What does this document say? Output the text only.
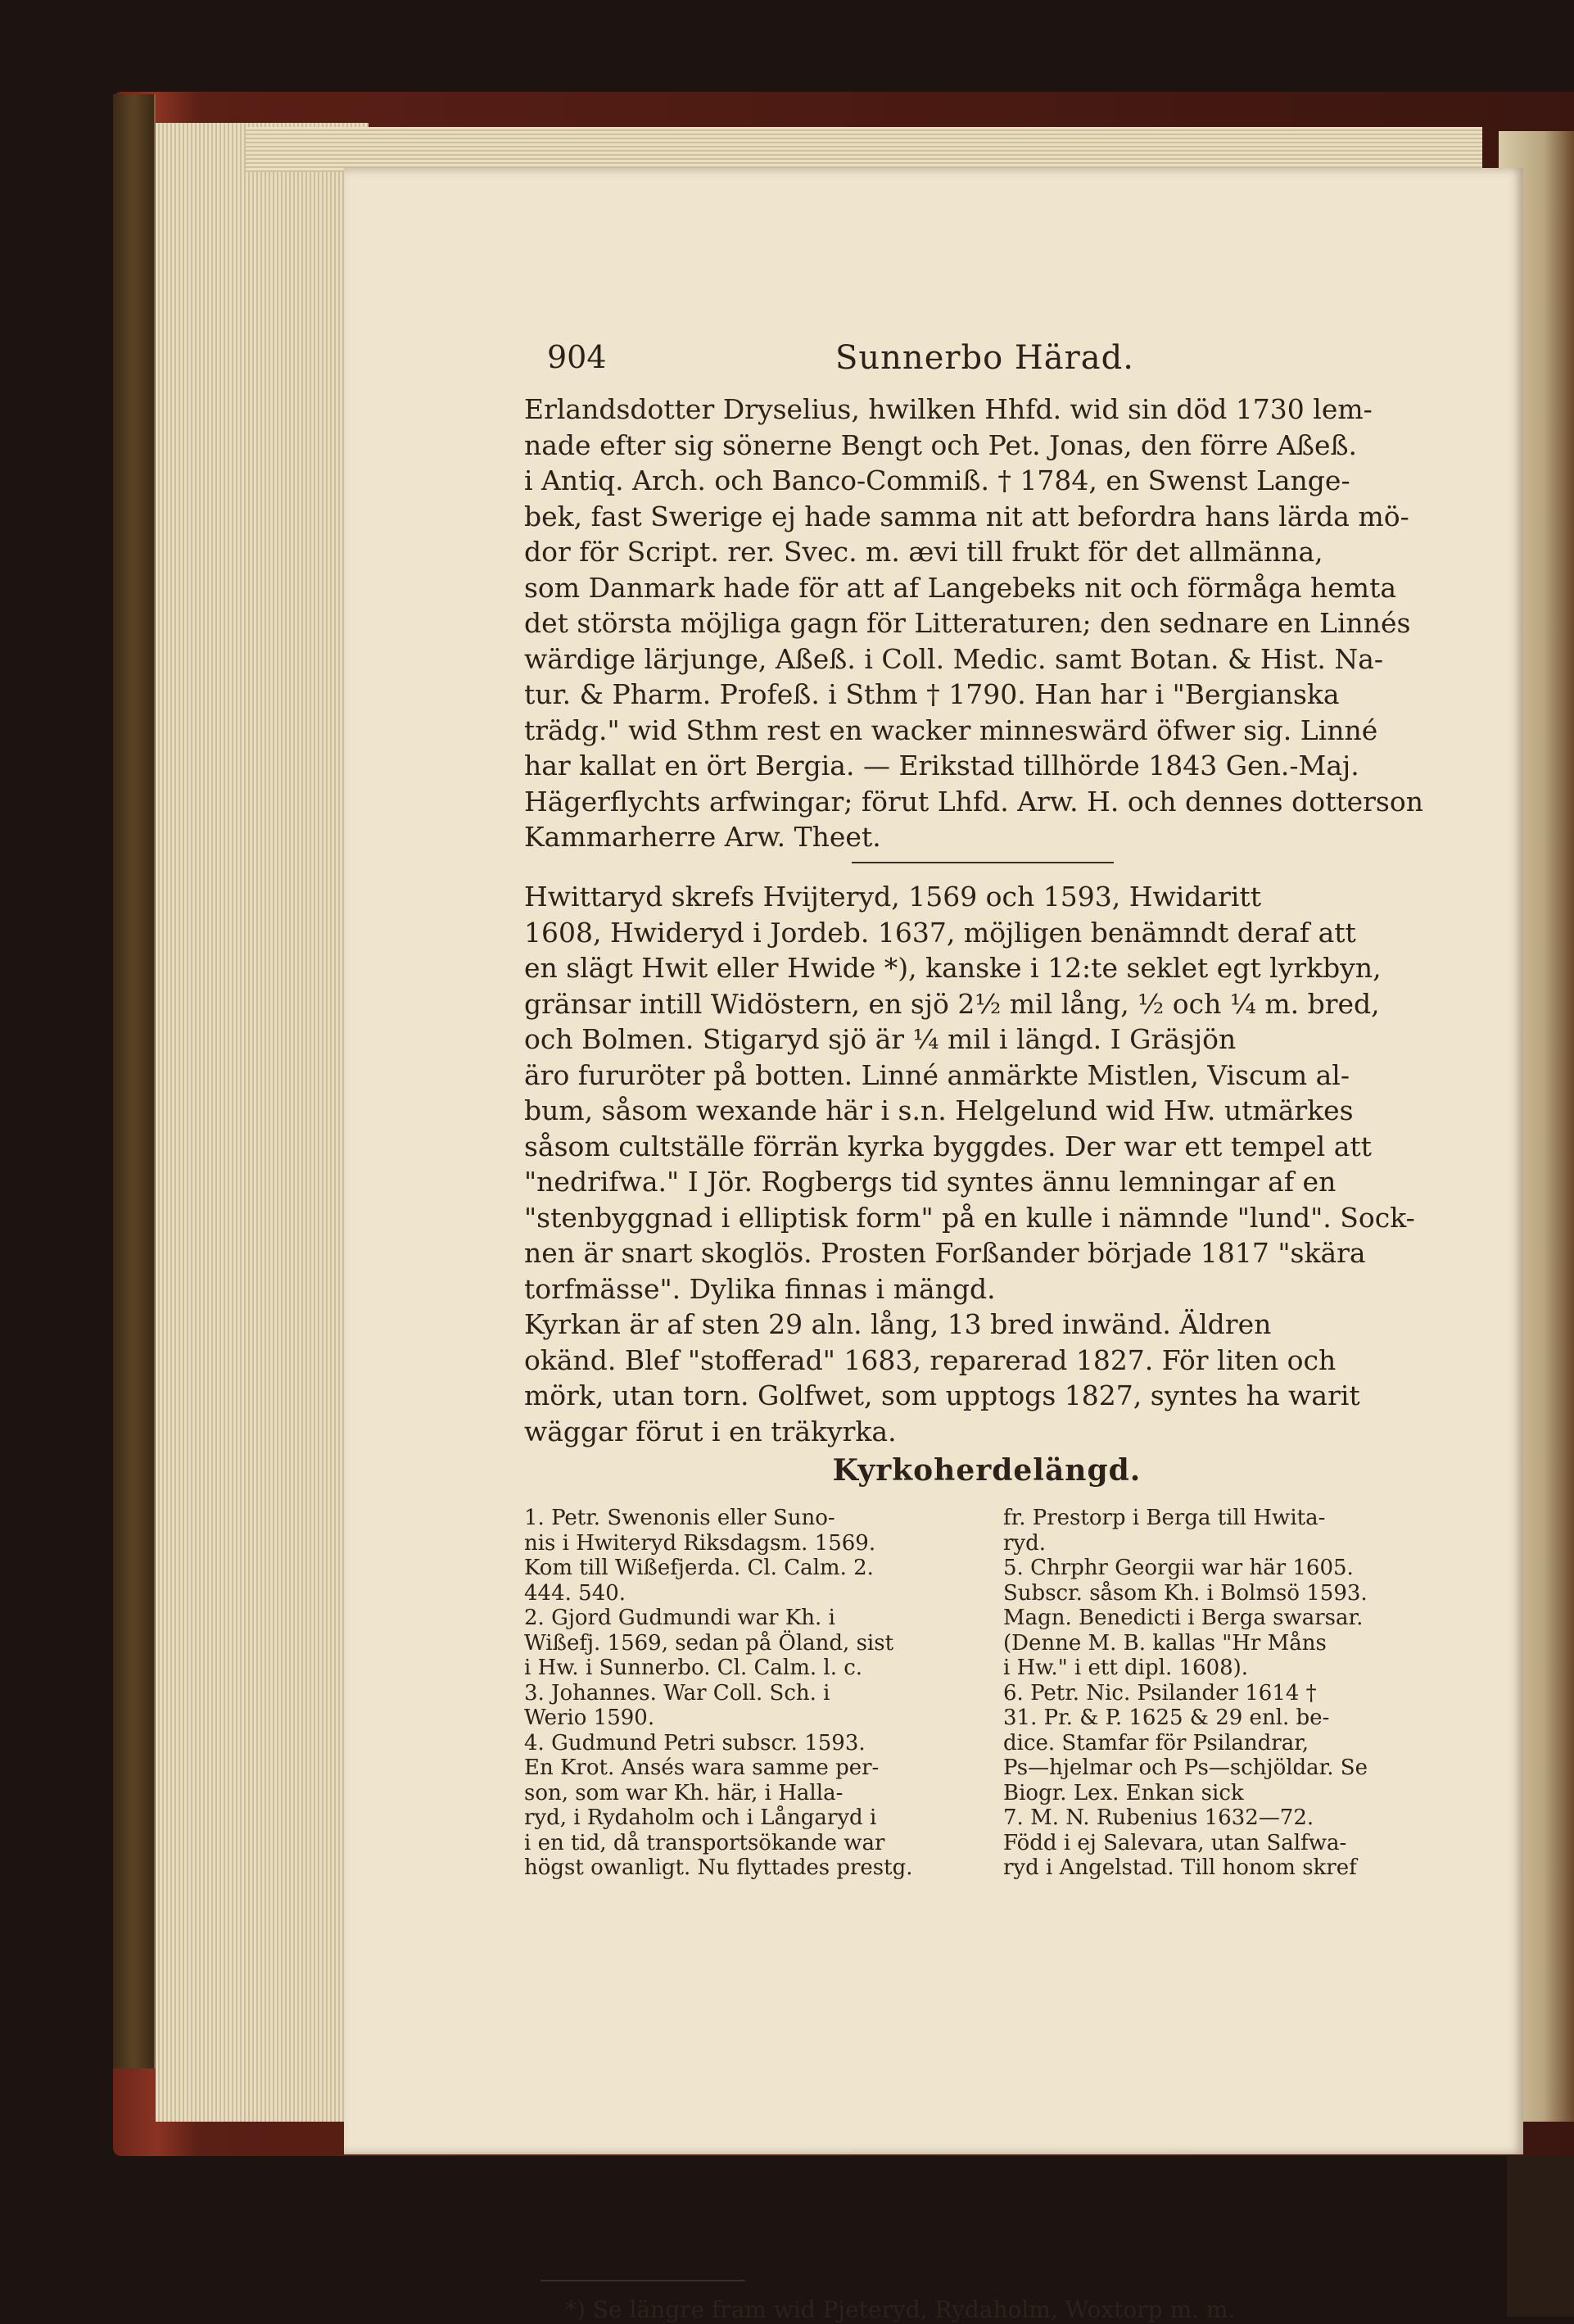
904	Sunnerbo Härad.
Erlandsdotter Dryselius, hwilken Hhfd. wid sin död 1730 lem-
nade efter sig sönerne Bengt och Pet. Jonas, den förre Aßeß.
i Antiq. Arch. och Banco-Commiß. † 1784, en Swenst Lange-
bek, fast Swerige ej hade samma nit att befordra hans lärda mö-
dor för Script. rer. Svec. m. ævi till frukt för det allmänna,
som Danmark hade för att af Langebeks nit och förmåga hemta
det största möjliga gagn för Litteraturen; den sednare en Linnés
wärdige lärjunge, Aßeß. i Coll. Medic. samt Botan. & Hist. Na-
tur. & Pharm. Profeß. i Sthm † 1790. Han har i "Bergianska
trädg." wid Sthm rest en wacker minneswärd öfwer sig. Linné
har kallat en ört Bergia. — Erikstad tillhörde 1843 Gen.-Maj.
Hägerflychts arfwingar; förut Lhfd. Arw. H. och dennes dotterson
Kammarherre Arw. Theet.
Hwittaryd skrefs Hvijteryd, 1569 och 1593, Hwidaritt
1608, Hwideryd i Jordeb. 1637, möjligen benämndt deraf att
en slägt Hwit eller Hwide *), kanske i 12:te seklet egt lyrkbyn,
gränsar intill Widöstern, en sjö 2½ mil lång, ½ och ¼ m. bred,
och Bolmen. Stigaryd sjö är ¼ mil i längd. I Gräsjön
äro fururöter på botten. Linné anmärkte Mistlen, Viscum al-
bum, såsom wexande här i s.n. Helgelund wid Hw. utmärkes
såsom cultställe förrän kyrka byggdes. Der war ett tempel att
"nedrifwa." I Jör. Rogbergs tid syntes ännu lemningar af en
"stenbyggnad i elliptisk form" på en kulle i nämnde "lund". Sock-
nen är snart skoglös. Prosten Forßander började 1817 "skära
torfmässe". Dylika finnas i mängd.
Kyrkan är af sten 29 aln. lång, 13 bred inwänd. Äldren
okänd. Blef "stofferad" 1683, reparerad 1827. För liten och
mörk, utan torn. Golfwet, som upptogs 1827, syntes ha warit
wäggar förut i en träkyrka.
Kyrkoherdelängd.
1. Petr. Swenonis eller Suno-
nis i Hwiteryd Riksdagsm. 1569.
Kom till Wißefjerda. Cl. Calm. 2.
444. 540.
2. Gjord Gudmundi war Kh. i
Wißefj. 1569, sedan på Öland, sist
i Hw. i Sunnerbo. Cl. Calm. l. c.
3. Johannes. War Coll. Sch. i
Werio 1590.
4. Gudmund Petri subscr. 1593.
En Krot. Ansés wara samme per-
son, som war Kh. här, i Halla-
ryd, i Rydaholm och i Långaryd i
i en tid, då transportsökande war
högst owanligt. Nu flyttades prestg.
fr. Prestorp i Berga till Hwita-
ryd.
5. Chrphr Georgii war här 1605.
Subscr. såsom Kh. i Bolmsö 1593.
Magn. Benedicti i Berga swarsar.
(Denne M. B. kallas "Hr Måns
i Hw." i ett dipl. 1608).
6. Petr. Nic. Psilander 1614 †
31. Pr. & P. 1625 & 29 enl. be-
dice. Stamfar för Psilandrar,
Ps—hjelmar och Ps—schjöldar. Se
Biogr. Lex. Enkan sick
7. M. N. Rubenius 1632—72.
Född i ej Salevara, utan Salfwa-
ryd i Angelstad. Till honom skref
*) Se längre fram wid Pjeteryd, Rydaholm, Woxtorp m. m.
